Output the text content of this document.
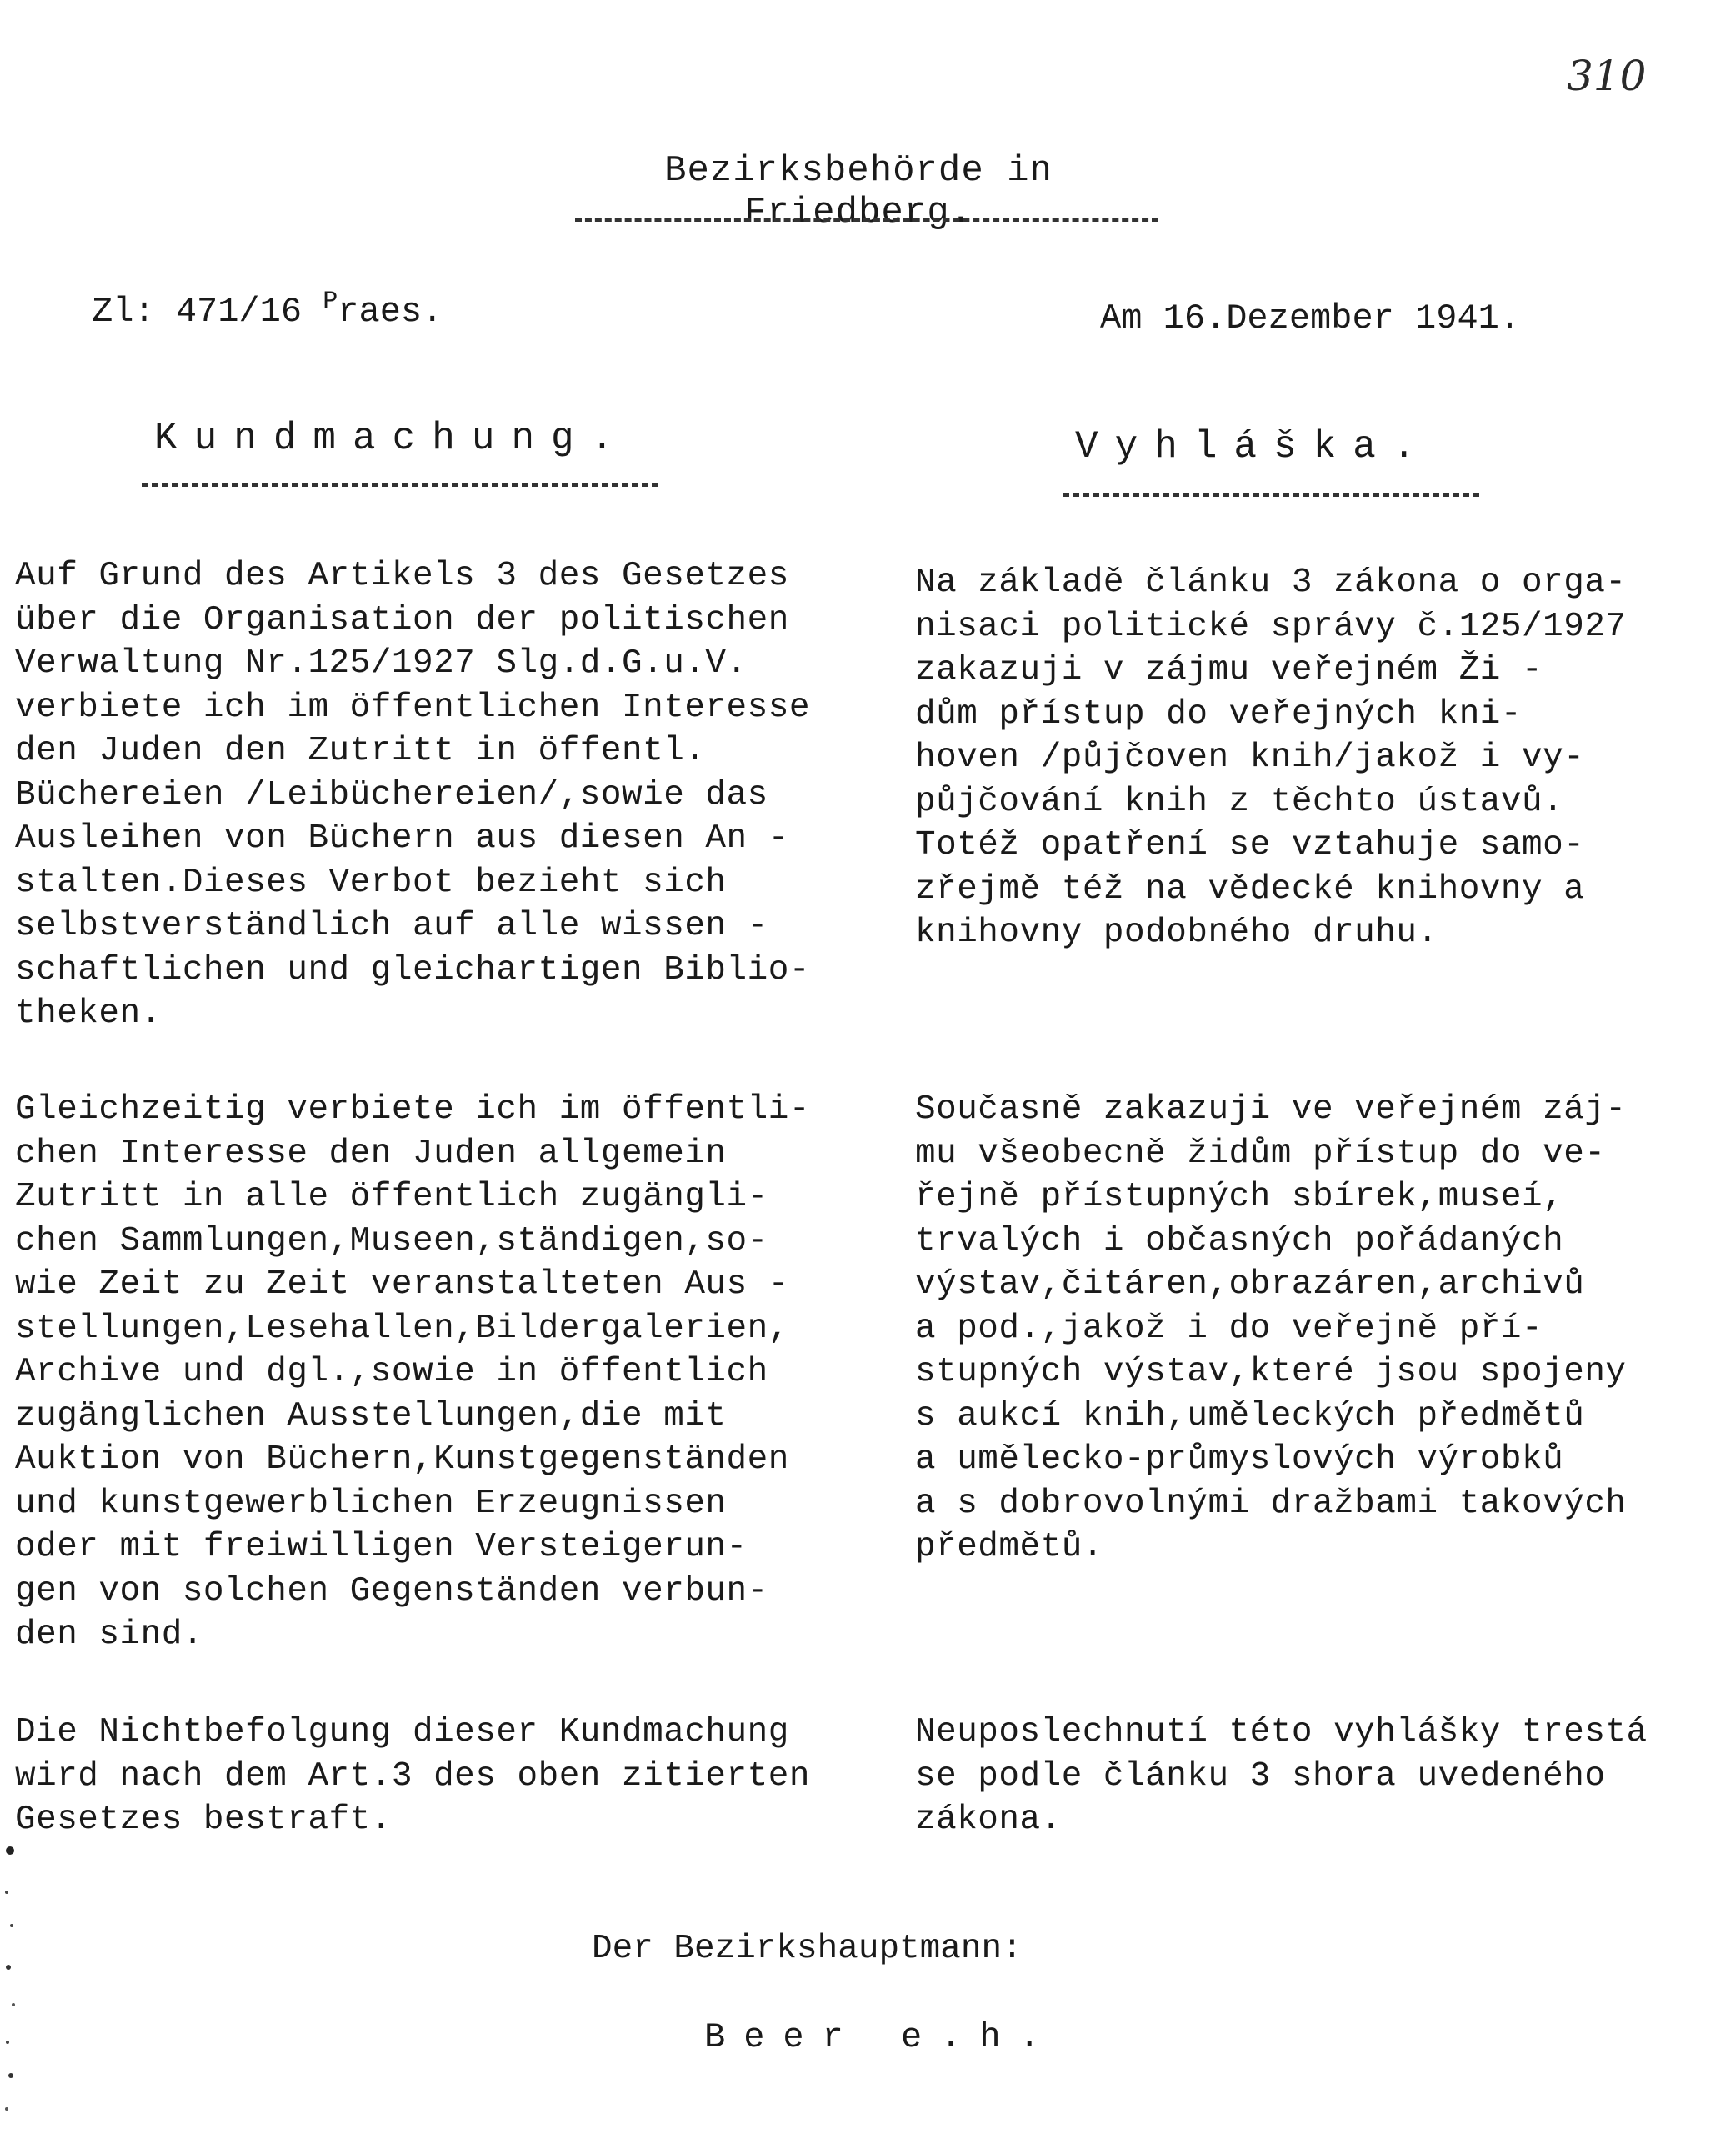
310
Bezirksbehörde in Friedberg.
Zl: 471/16 $^P$raes.	Am 16.Dezember 1941.
Kundmachung.	Vyhláška.
Auf Grund des Artikels 3 des Gesetzes
über die Organisation der politischen
Verwaltung Nr.125/1927 Slg.d.G.u.V.
verbiete ich im öffentlichen Interesse
den Juden den Zutritt in öffentl.
Büchereien /Leibüchereien/,sowie das
Ausleihen von Büchern aus diesen An -
stalten.Dieses Verbot bezieht sich
selbstverständlich auf alle wissen -
schaftlichen und gleichartigen Biblio-
theken.
Na základě článku 3 zákona o orga-
nisaci politické správy č.125/1927
zakazuji v zájmu veřejném Ži -
dům přístup do veřejných kni-
hoven /půjčoven knih/jakož i vy-
půjčování knih z těchto ústavů.
Totéž opatření se vztahuje samo-
zřejmě též na vědecké knihovny a
knihovny podobného druhu.
Gleichzeitig verbiete ich im öffentli-
chen Interesse den Juden allgemein
Zutritt in alle öffentlich zugängli-
chen Sammlungen,Museen,ständigen,so-
wie Zeit zu Zeit veranstalteten Aus -
stellungen,Lesehallen,Bildergalerien,
Archive und dgl.,sowie in öffentlich
zugänglichen Ausstellungen,die mit
Auktion von Büchern,Kunstgegenständen
und kunstgewerblichen Erzeugnissen
oder mit freiwilligen Versteigerun-
gen von solchen Gegenständen verbun-
den sind.
Současně zakazuji ve veřejném záj-
mu všeobecně židům přístup do ve-
řejně přístupných sbírek,museí,
trvalých i občasných pořádaných
výstav,čitáren,obrazáren,archivů
a pod.,jakož i do veřejně pří-
stupných výstav,které jsou spojeny
s aukcí knih,uměleckých předmětů
a umělecko-průmyslových výrobků
a s dobrovolnými dražbami takových
předmětů.
Die Nichtbefolgung dieser Kundmachung
wird nach dem Art.3 des oben zitierten
Gesetzes bestraft.
Neuposlechnutí této vyhlášky trestá
se podle článku 3 shora uvedeného
zákona.
Der Bezirkshauptmann:
Beer e.h.
